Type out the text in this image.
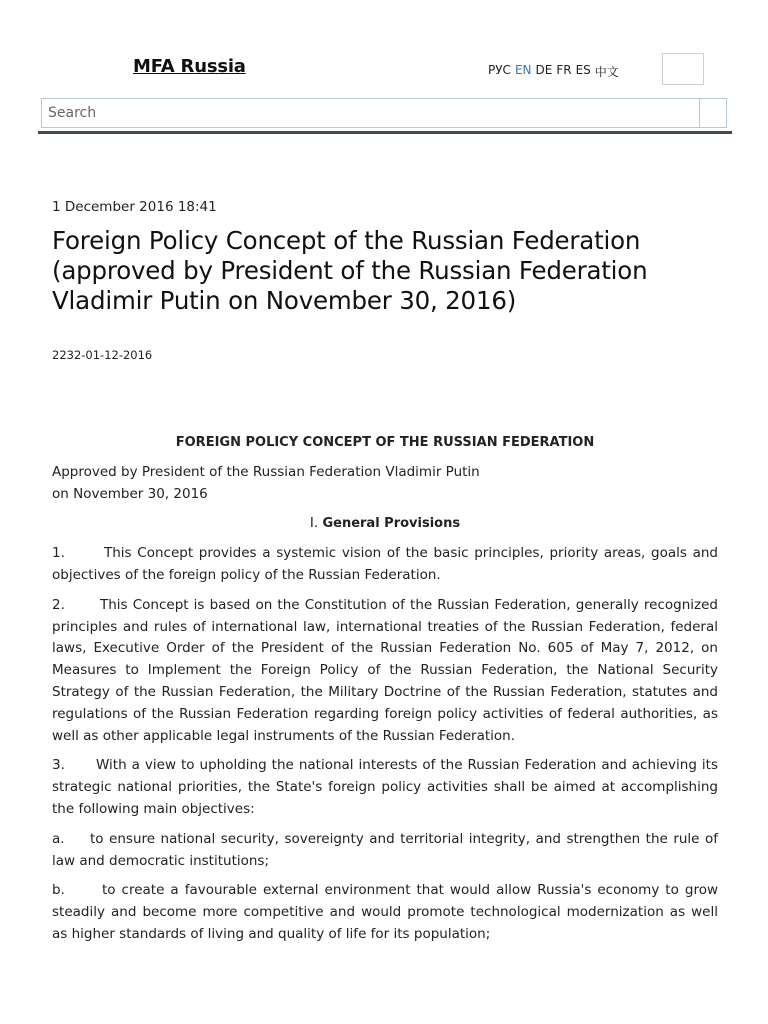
MFA Russia	РУС EN DE FR ES 中文
Search
1 December 2016 18:41
Foreign Policy Concept of the Russian Federation (approved by President of the Russian Federation Vladimir Putin on November 30, 2016)
2232-01-12-2016
FOREIGN POLICY CONCEPT OF THE RUSSIAN FEDERATION

Approved by President of the Russian Federation Vladimir Putin
on November 30, 2016

I. General Provisions

1.	This Concept provides a systemic vision of the basic principles, priority areas, goals and objectives of the foreign policy of the Russian Federation.

2.	This Concept is based on the Constitution of the Russian Federation, generally recognized principles and rules of international law, international treaties of the Russian Federation, federal laws, Executive Order of the President of the Russian Federation No. 605 of May 7, 2012, on Measures to Implement the Foreign Policy of the Russian Federation, the National Security Strategy of the Russian Federation, the Military Doctrine of the Russian Federation, statutes and regulations of the Russian Federation regarding foreign policy activities of federal authorities, as well as other applicable legal instruments of the Russian Federation.

3. With a view to upholding the national interests of the Russian Federation and achieving its strategic national priorities, the State's foreign policy activities shall be aimed at accomplishing the following main objectives:

a. to ensure national security, sovereignty and territorial integrity, and strengthen the rule of law and democratic institutions;

b.	to create a favourable external environment that would allow Russia's economy to grow steadily and become more competitive and would promote technological modernization as well as higher standards of living and quality of life for its population;
